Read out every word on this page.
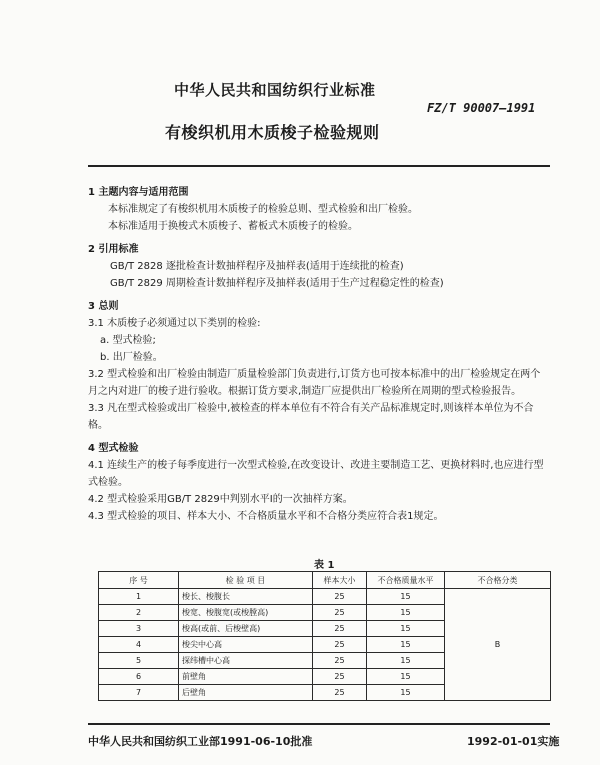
中华人民共和国纺织行业标准
FZ/T 90007—1991
有梭织机用木质梭子检验规则
1 主题内容与适用范围
本标准规定了有梭织机用木质梭子的检验总则、型式检验和出厂检验。
本标准适用于换梭式木质梭子、蓄板式木质梭子的检验。
2 引用标准
GB/T 2828 逐批检查计数抽样程序及抽样表(适用于连续批的检查)
GB/T 2829 周期检查计数抽样程序及抽样表(适用于生产过程稳定性的检查)
3 总则
3.1 木质梭子必须通过以下类别的检验:
a. 型式检验;
b. 出厂检验。
3.2 型式检验和出厂检验由制造厂质量检验部门负责进行,订货方也可按本标准中的出厂检验规定在两个月之内对进厂的梭子进行验收。根据订货方要求,制造厂应提供出厂检验所在周期的型式检验报告。
3.3 凡在型式检验或出厂检验中,被检查的样本单位有不符合有关产品标准规定时,则该样本单位为不合格。
4 型式检验
4.1 连续生产的梭子每季度进行一次型式检验,在改变设计、改进主要制造工艺、更换材料时,也应进行型式检验。
4.2 型式检验采用GB/T 2829中判别水平Ⅰ的一次抽样方案。
4.3 型式检验的项目、样本大小、不合格质量水平和不合格分类应符合表1规定。
表 1
序 号	检 验 项 目	样本大小	不合格质量水平	不合格分类
1	梭长、梭腹长	25	15	B
2	梭宽、梭腹宽(或梭膛高)	25	15	
3	梭高(或前、后梭壁高)	25	15	
4	梭尖中心高	25	15	
5	探纬槽中心高	25	15	
6	前壁角	25	15	
7	后壁角	25	15	
中华人民共和国纺织工业部1991-06-10批准	1992-01-01实施
